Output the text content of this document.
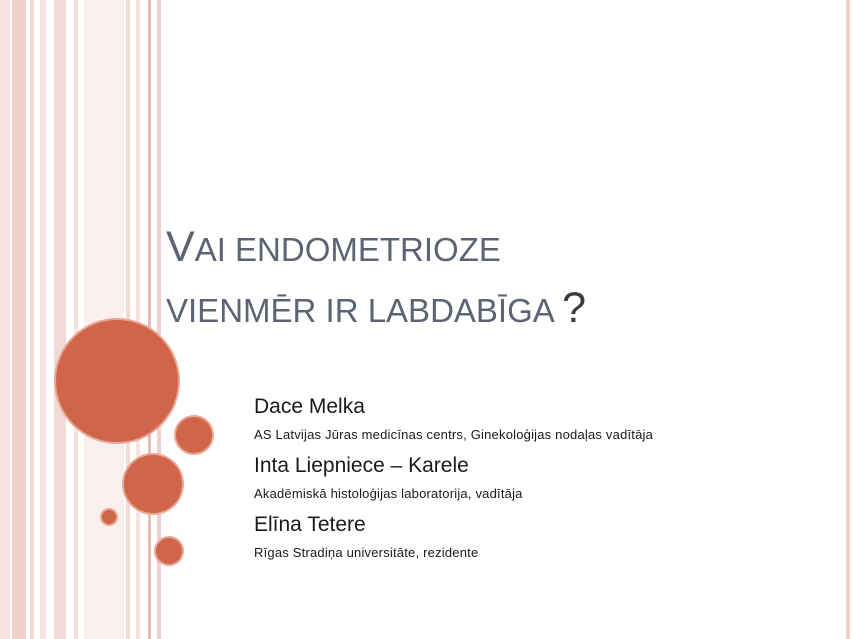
VAI ENDOMETRIOZE
VIENMĒR IR LABDABĪGA ?

Dace Melka

AS Latvijas Jūras medicīnas centrs, Ginekoloģijas nodaļas vadītāja

Inta Liepniece – Karele

Akadēmiskā histoloģijas laboratorija, vadītāja

Elīna Tetere

Rīgas Stradiņa universitāte, rezidente
